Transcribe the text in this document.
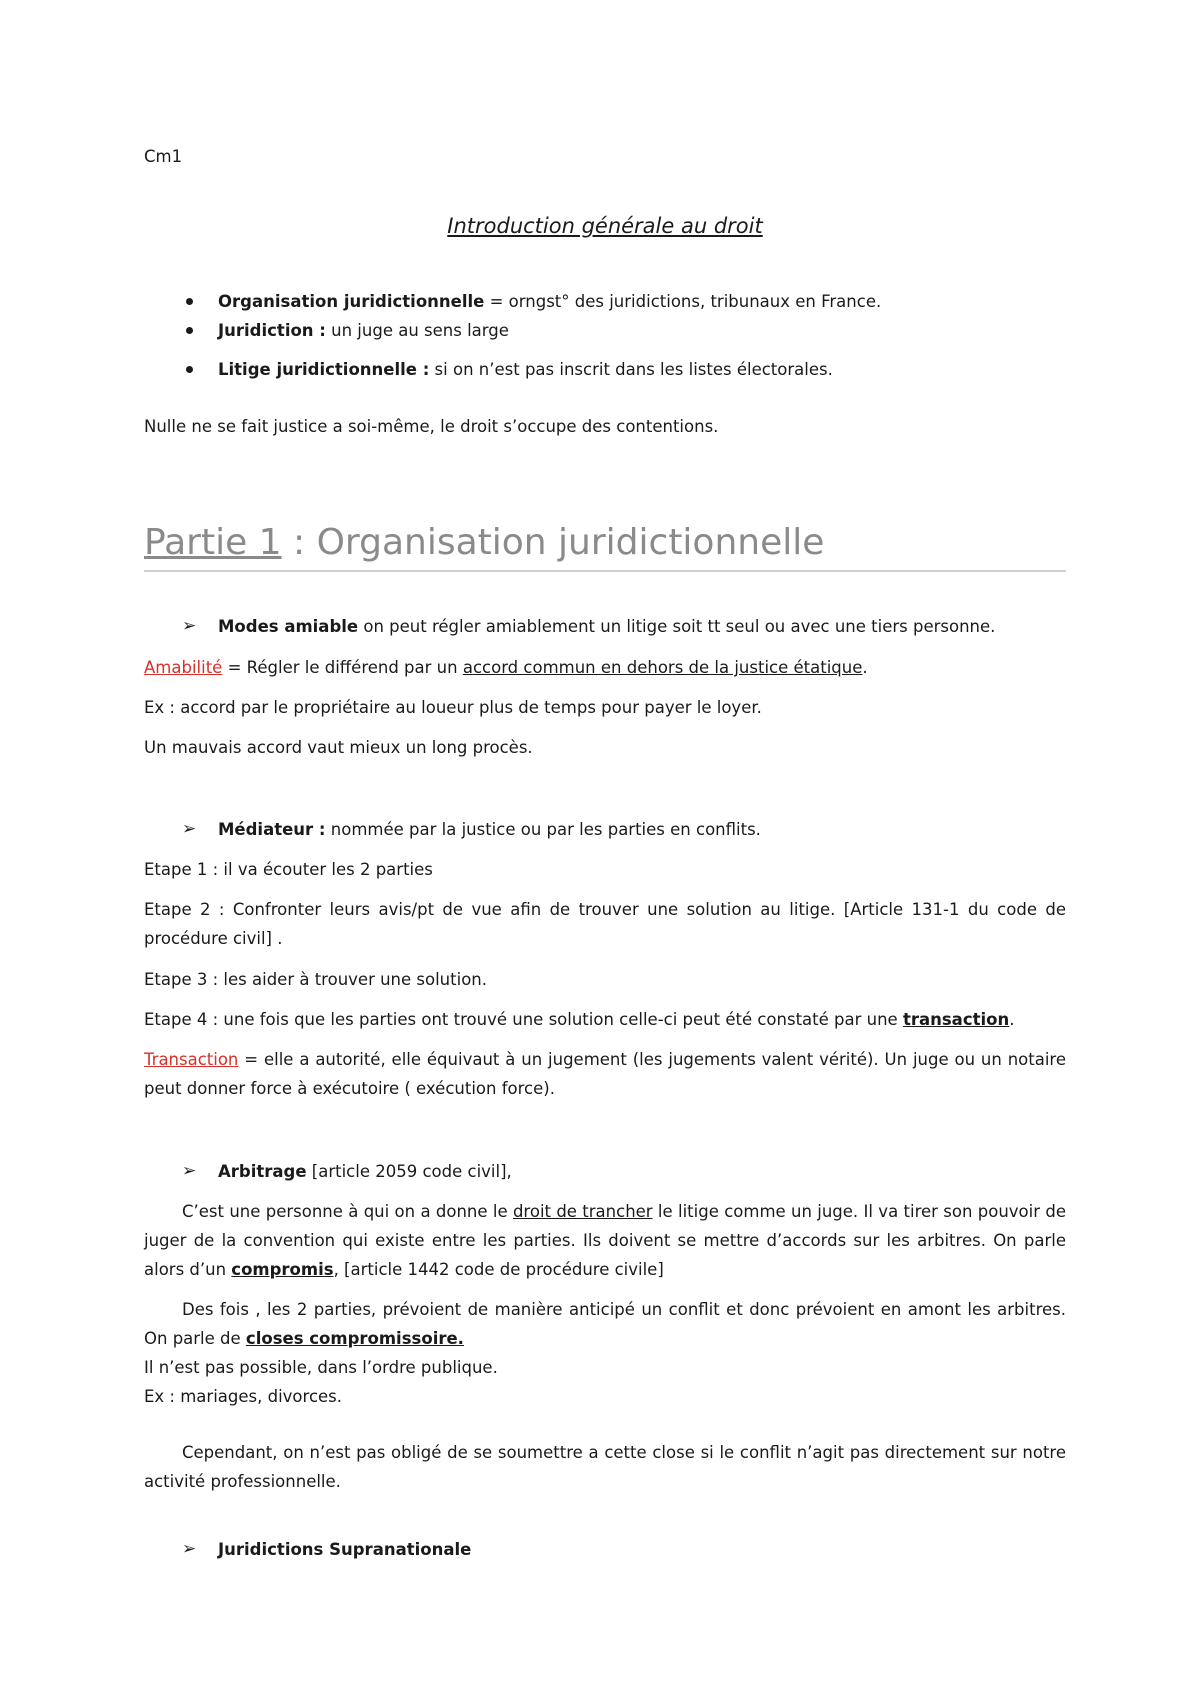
Cm1
Introduction générale au droit
Organisation juridictionnelle = orngst° des juridictions, tribunaux en France.
Juridiction : un juge au sens large
Litige juridictionnelle : si on n’est pas inscrit dans les listes électorales.
Nulle ne se fait justice a soi-même, le droit s’occupe des contentions.
Partie 1 : Organisation juridictionnelle
➢ Modes amiable on peut régler amiablement un litige soit tt seul ou avec une tiers personne.
Amabilité = Régler le différend par un accord commun en dehors de la justice étatique.
Ex : accord par le propriétaire au loueur plus de temps pour payer le loyer.
Un mauvais accord vaut mieux un long procès.
➢ Médiateur : nommée par la justice ou par les parties en conflits.
Etape 1 : il va écouter les 2 parties
Etape 2 : Confronter leurs avis/pt de vue afin de trouver une solution au litige. [Article 131-1 du code de procédure civil] .
Etape 3 : les aider à trouver une solution.
Etape 4 : une fois que les parties ont trouvé une solution celle-ci peut été constaté par une transaction.
Transaction = elle a autorité, elle équivaut à un jugement (les jugements valent vérité). Un juge ou un notaire peut donner force à exécutoire ( exécution force).
➢ Arbitrage [article 2059 code civil],
C’est une personne à qui on a donne le droit de trancher le litige comme un juge. Il va tirer son pouvoir de juger de la convention qui existe entre les parties. Ils doivent se mettre d’accords sur les arbitres. On parle alors d’un compromis, [article 1442 code de procédure civile]
Des fois , les 2 parties, prévoient de manière anticipé un conflit et donc prévoient en amont les arbitres. On parle de closes compromissoire.
Il n’est pas possible, dans l’ordre publique.
Ex : mariages, divorces.
Cependant, on n’est pas obligé de se soumettre a cette close si le conflit n’agit pas directement sur notre activité professionnelle.
➢ Juridictions Supranationale
